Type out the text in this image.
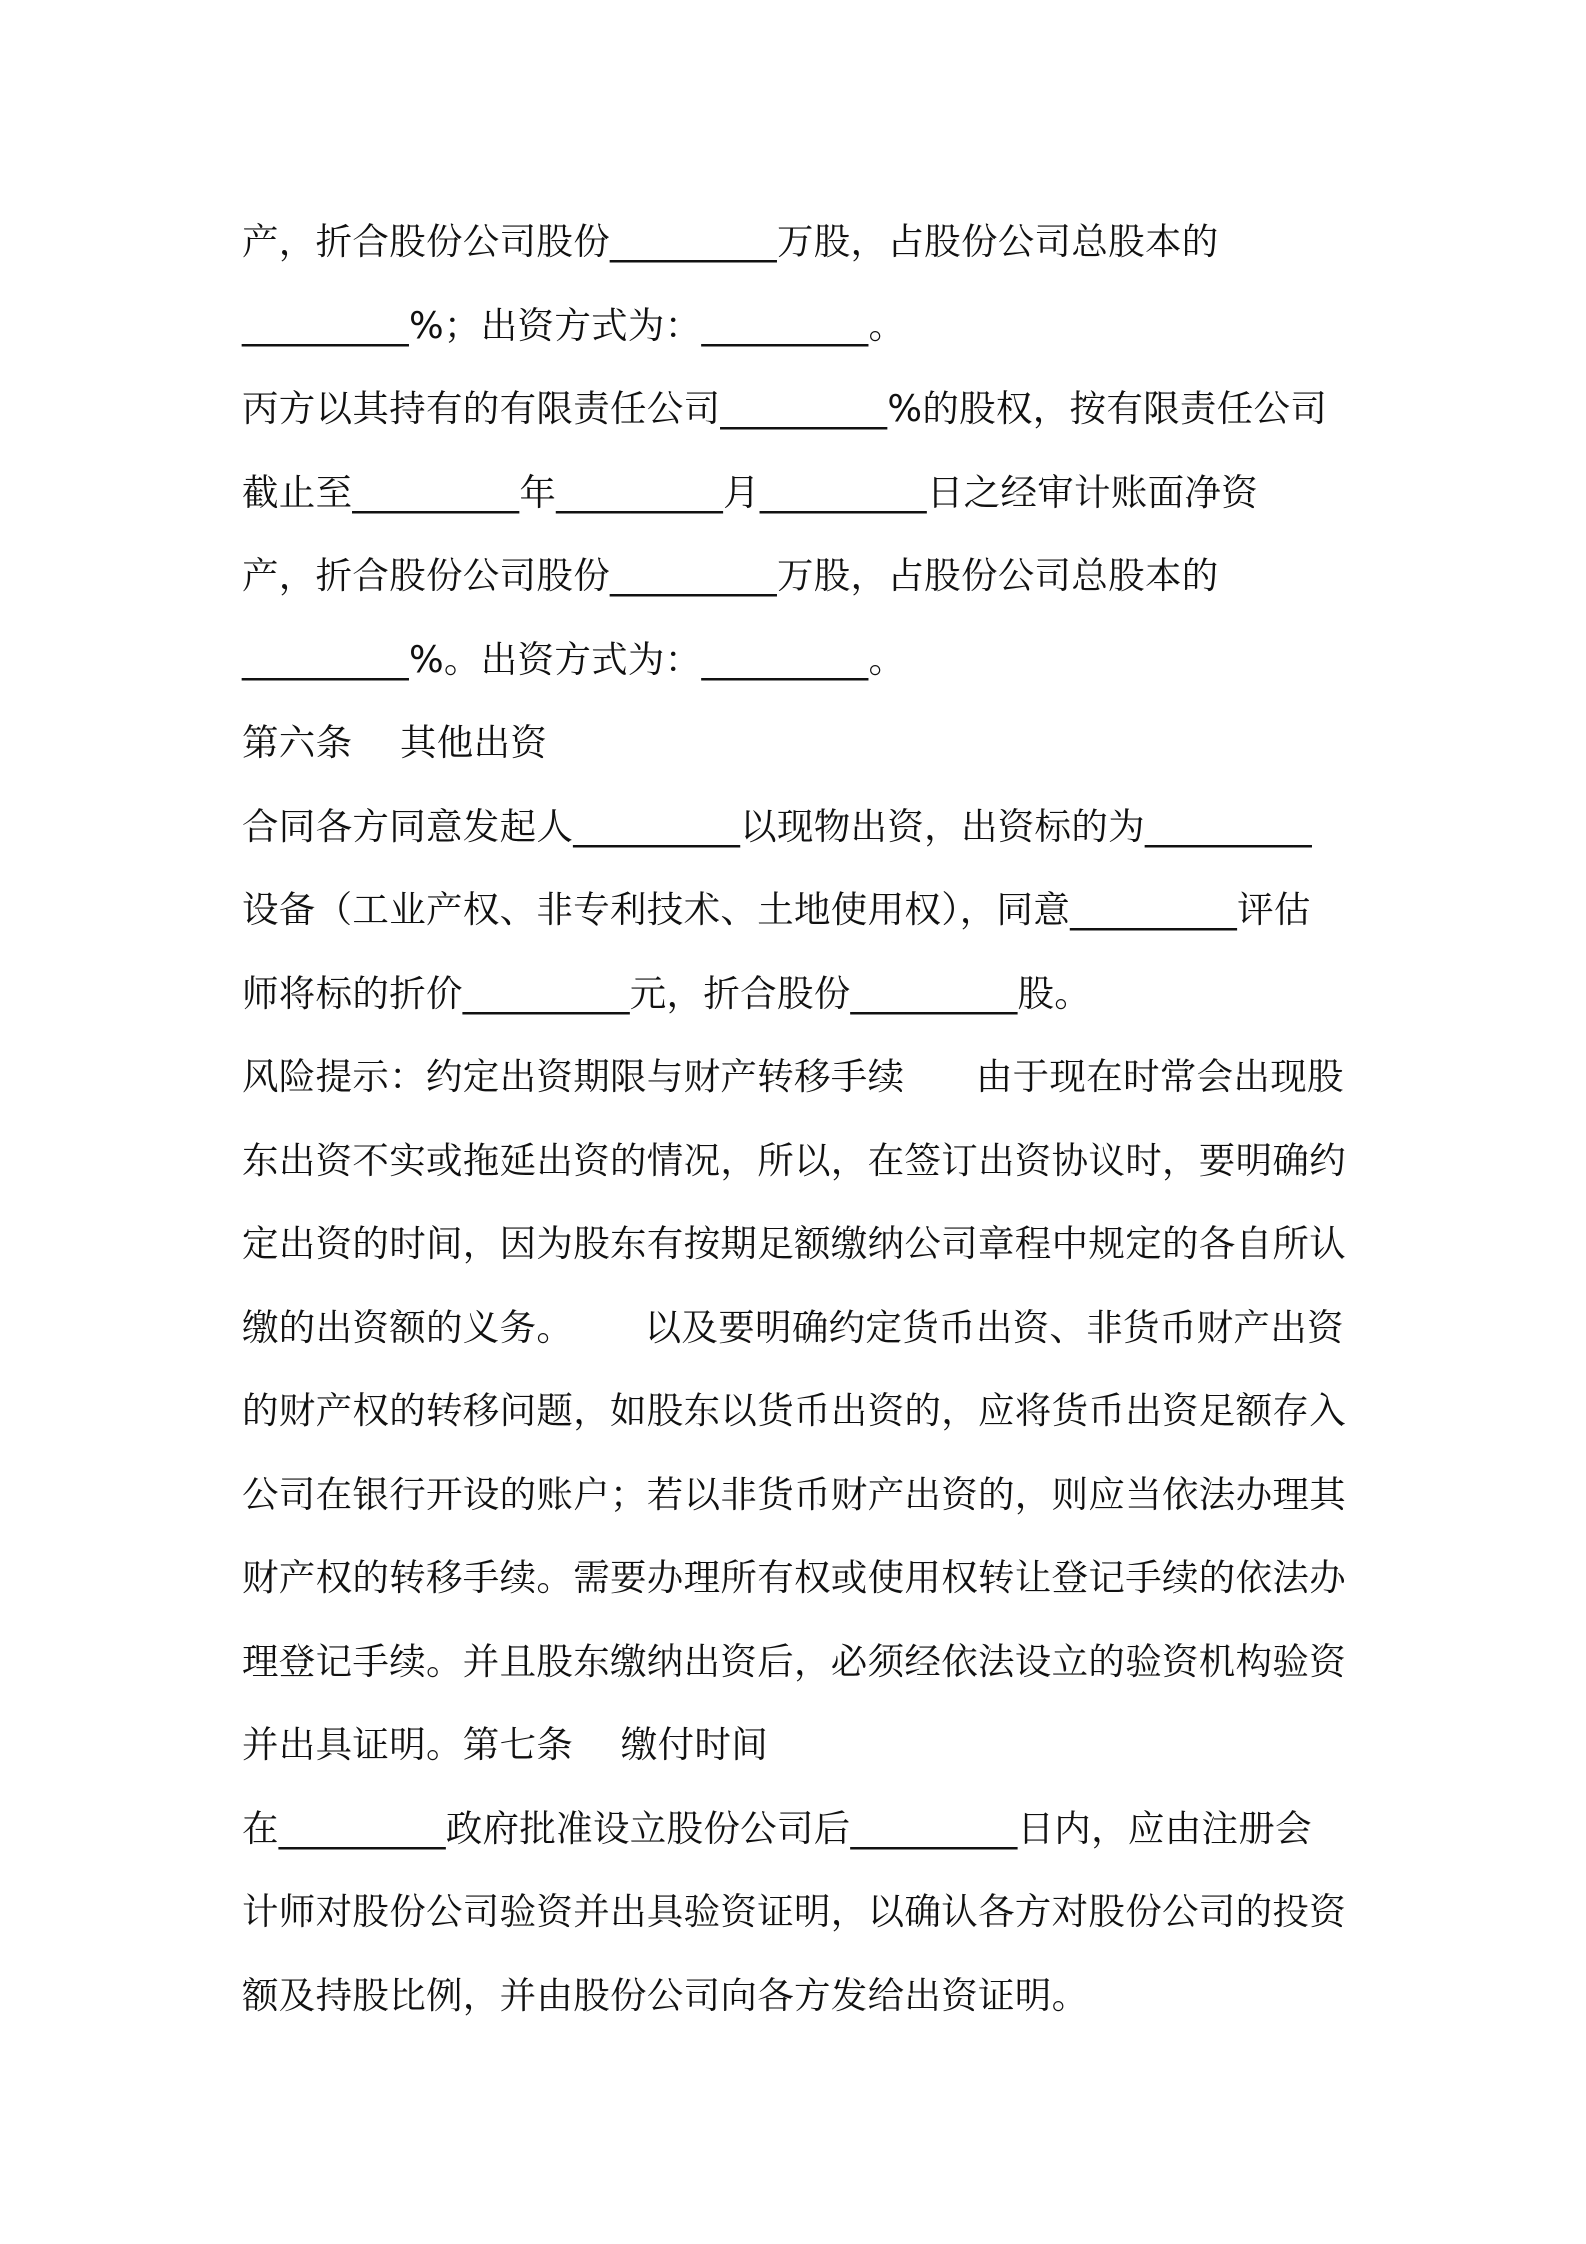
产，折合股份公司股份_________万股，占股份公司总股本的
_________%；出资方式为：_________。
丙方以其持有的有限责任公司_________%的股权，按有限责任公司
截止至_________年_________月_________日之经审计账面净资
产，折合股份公司股份_________万股，占股份公司总股本的
_________%。出资方式为：_________。
第六条    其他出资
合同各方同意发起人_________以现物出资，出资标的为_________
设备（工业产权、非专利技术、土地使用权），同意_________评估
师将标的折价_________元，折合股份_________股。
风险提示：约定出资期限与财产转移手续      由于现在时常会出现股
东出资不实或拖延出资的情况，所以，在签订出资协议时，要明确约
定出资的时间，因为股东有按期足额缴纳公司章程中规定的各自所认
缴的出资额的义务。      以及要明确约定货币出资、非货币财产出资
的财产权的转移问题，如股东以货币出资的，应将货币出资足额存入
公司在银行开设的账户；若以非货币财产出资的，则应当依法办理其
财产权的转移手续。需要办理所有权或使用权转让登记手续的依法办
理登记手续。并且股东缴纳出资后，必须经依法设立的验资机构验资
并出具证明。第七条    缴付时间
在_________政府批准设立股份公司后_________日内，应由注册会
计师对股份公司验资并出具验资证明，以确认各方对股份公司的投资
额及持股比例，并由股份公司向各方发给出资证明。
